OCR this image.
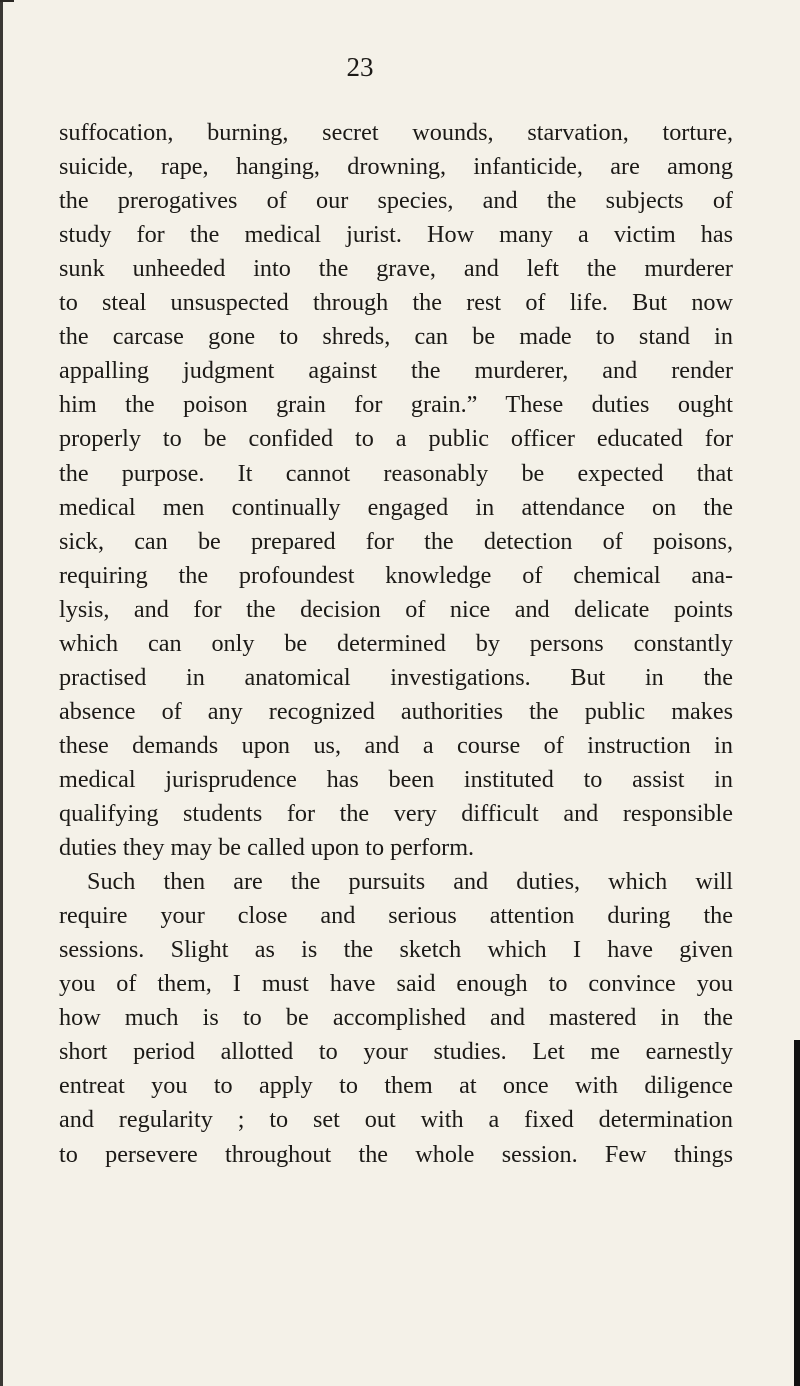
23
suffocation, burning, secret wounds, starvation, torture,
suicide, rape, hanging, drowning, infanticide, are among
the prerogatives of our species, and the subjects of
study for the medical jurist. How many a victim has
sunk unheeded into the grave, and left the murderer
to steal unsuspected through the rest of life. But now
the carcase gone to shreds, can be made to stand in
appalling judgment against the murderer, and render
him the poison grain for grain.” These duties ought
properly to be confided to a public officer educated for
the purpose. It cannot reasonably be expected that
medical men continually engaged in attendance on the
sick, can be prepared for the detection of poisons,
requiring the profoundest knowledge of chemical ana-
lysis, and for the decision of nice and delicate points
which can only be determined by persons constantly
practised in anatomical investigations. But in the
absence of any recognized authorities the public makes
these demands upon us, and a course of instruction in
medical jurisprudence has been instituted to assist in
qualifying students for the very difficult and responsible
duties they may be called upon to perform.
Such then are the pursuits and duties, which will
require your close and serious attention during the
sessions. Slight as is the sketch which I have given
you of them, I must have said enough to convince you
how much is to be accomplished and mastered in the
short period allotted to your studies. Let me earnestly
entreat you to apply to them at once with diligence
and regularity ; to set out with a fixed determination
to persevere throughout the whole session. Few things
